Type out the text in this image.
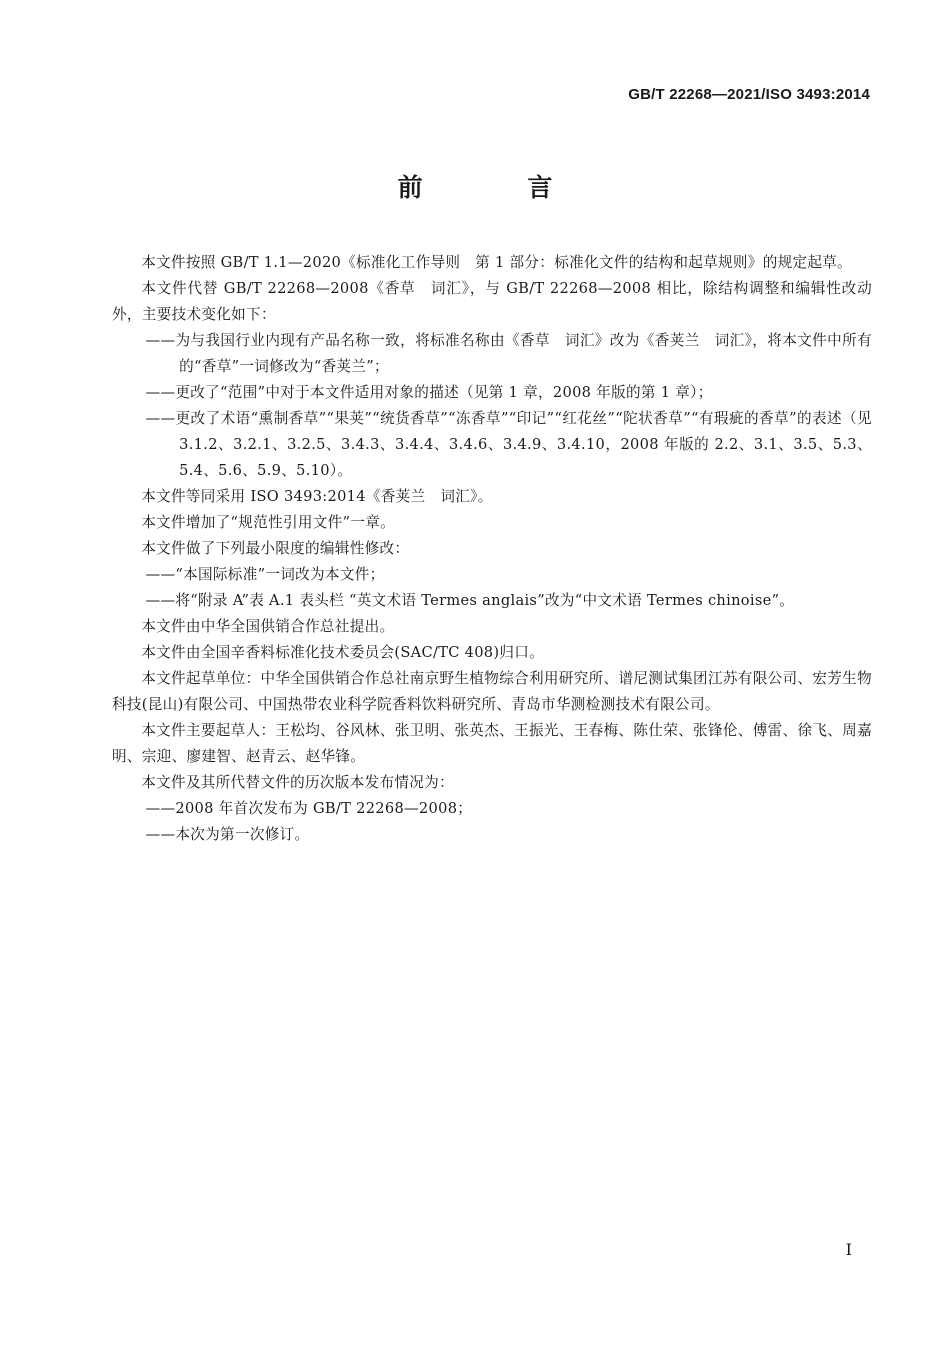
GB/T 22268—2021/ISO 3493:2014
前 言

本文件按照 GB/T 1.1—2020《标准化工作导则　第 1 部分：标准化文件的结构和起草规则》的规定起草。

本文件代替 GB/T 22268—2008《香草　词汇》，与 GB/T 22268—2008 相比，除结构调整和编辑性改动外，主要技术变化如下：

——为与我国行业内现有产品名称一致，将标准名称由《香草　词汇》改为《香荚兰　词汇》，将本文件中所有的“香草”一词修改为“香荚兰”；

——更改了“范围”中对于本文件适用对象的描述（见第 1 章，2008 年版的第 1 章）；

——更改了术语“熏制香草”“果荚”“统货香草”“冻香草”“印记”“红花丝”“陀状香草”“有瑕疵的香草”的表述（见 3.1.2、3.2.1、3.2.5、3.4.3、3.4.4、3.4.6、3.4.9、3.4.10，2008 年版的 2.2、3.1、3.5、5.3、5.4、5.6、5.9、5.10）。

本文件等同采用 ISO 3493:2014《香荚兰　词汇》。

本文件增加了“规范性引用文件”一章。

本文件做了下列最小限度的编辑性修改：

——“本国际标准”一词改为本文件；

——将“附录 A”表 A.1 表头栏 “英文术语 Termes anglais”改为“中文术语 Termes chinoise”。

本文件由中华全国供销合作总社提出。

本文件由全国辛香料标准化技术委员会(SAC/TC 408)归口。

本文件起草单位：中华全国供销合作总社南京野生植物综合利用研究所、谱尼测试集团江苏有限公司、宏芳生物科技(昆山)有限公司、中国热带农业科学院香料饮料研究所、青岛市华测检测技术有限公司。

本文件主要起草人：王松均、谷风林、张卫明、张英杰、王振光、王春梅、陈仕荣、张锋伦、傅雷、徐飞、周嘉明、宗迎、廖建智、赵青云、赵华锋。

本文件及其所代替文件的历次版本发布情况为：

——2008 年首次发布为 GB/T 22268—2008；

——本次为第一次修订。

I
